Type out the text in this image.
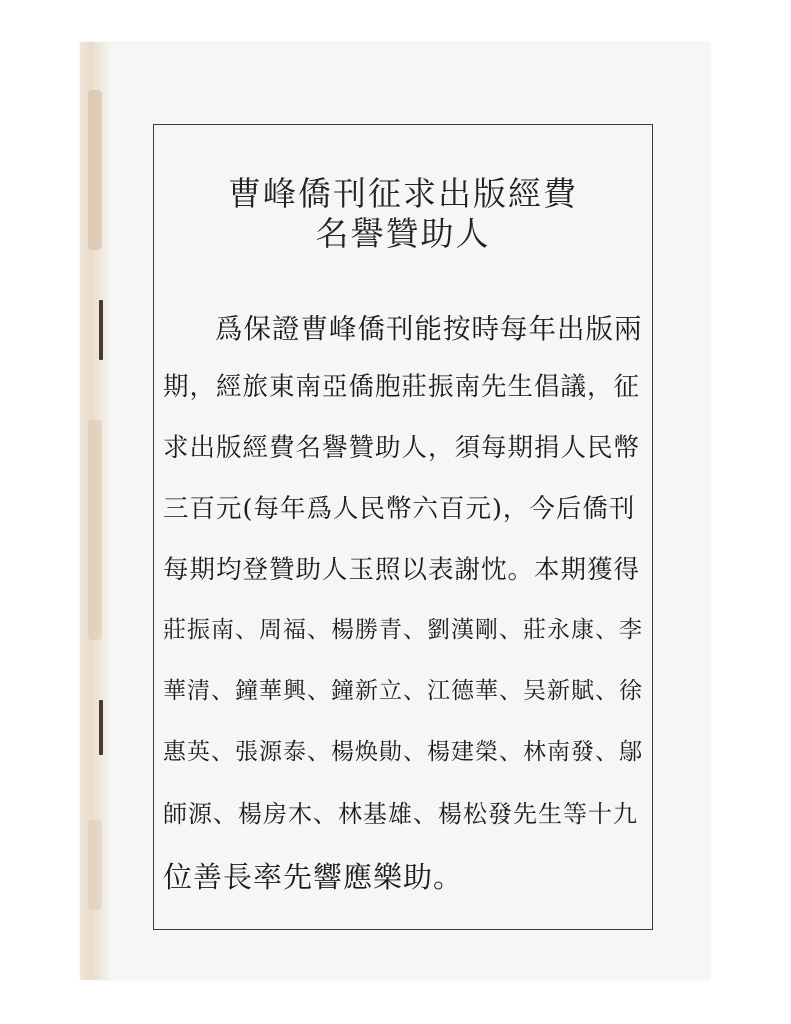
曹峰僑刊征求出版經費
名譽贊助人
爲保證曹峰僑刊能按時每年出版兩
期，經旅東南亞僑胞莊振南先生倡議，征
求出版經費名譽贊助人，須每期捐人民幣
三百元(每年爲人民幣六百元)，今后僑刊
每期均登贊助人玉照以表謝忱。本期獲得
莊振南、周福、楊勝青、劉漢剛、莊永康、李
華清、鐘華興、鐘新立、江德華、吴新賦、徐
惠英、張源泰、楊焕勛、楊建榮、林南發、鄔
師源、楊房木、林基雄、楊松發先生等十九
位善長率先響應樂助。
